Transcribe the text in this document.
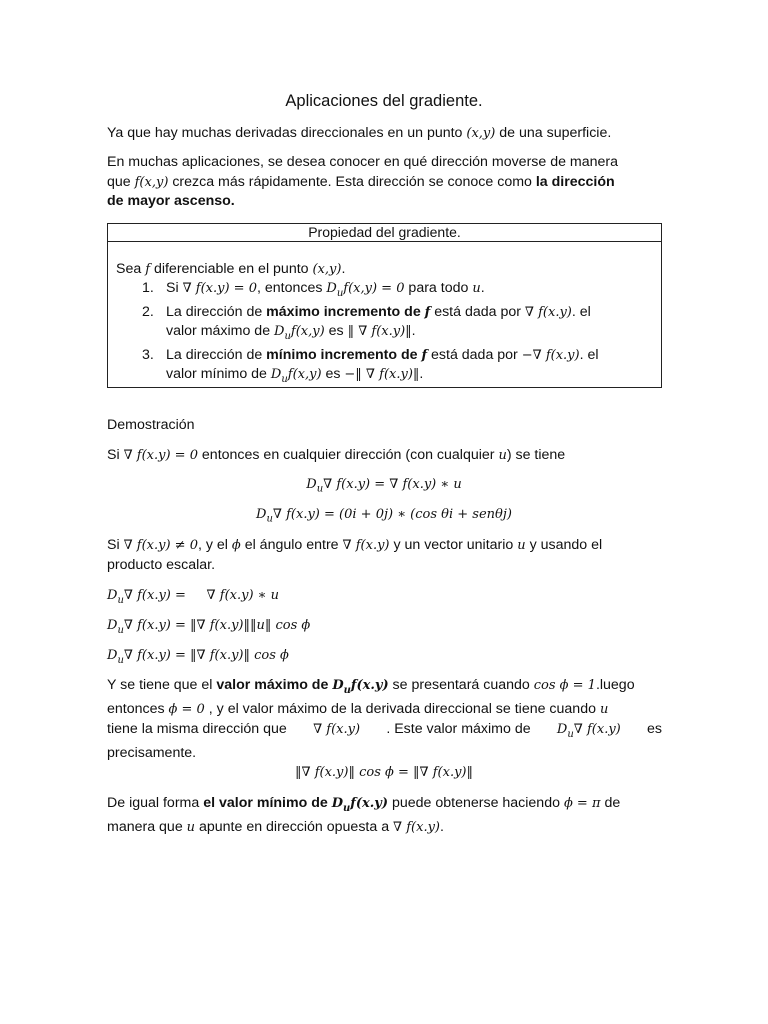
Aplicaciones del gradiente.
Ya que hay muchas derivadas direccionales en un punto (x,y) de una superficie.
En muchas aplicaciones, se desea conocer en qué dirección moverse de manera
que f(x,y) crezca más rápidamente. Esta dirección se conoce como la dirección
de mayor ascenso.
Propiedad del gradiente.
Sea f diferenciable en el punto (x,y).
1. Si ∇ f(x.y) = 0, entonces $D_uf(x,y) = 0$ para todo u.
2. La dirección de máximo incremento de f está dada por ∇ f(x.y). el
valor máximo de $D_uf(x,y)$ es ‖ ∇ f(x.y)‖.
3. La dirección de mínimo incremento de f está dada por −∇ f(x.y). el
valor mínimo de $D_uf(x,y)$ es −‖ ∇ f(x.y)‖.
Demostración
Si ∇ f(x.y) = 0 entonces en cualquier dirección (con cualquier u) se tiene
$D_u\nabla$ f(x.y) = ∇ f(x.y) ∗ u
$D_u\nabla$ f(x.y) = (0i + 0j) ∗ (cos θi + senθj)
Si ∇ f(x.y) ≠ 0, y el ϕ el ángulo entre ∇ f(x.y) y un vector unitario u y usando el
producto escalar.
$D_u\nabla$ f(x.y) =     ∇ f(x.y) ∗ u
$D_u\nabla$ f(x.y) = ‖∇ f(x.y)‖‖u‖ cos ϕ
$D_u\nabla$ f(x.y) = ‖∇ f(x.y)‖ cos ϕ
Y se tiene que el valor máximo de $D_uf(x.y)$ se presentará cuando cos ϕ = 1.luego
entonces ϕ = 0 , y el valor máximo de la derivada direccional se tiene cuando u
tiene la misma dirección que ∇ f(x.y) . Este valor máximo de $D_u\nabla$ f(x.y) es
precisamente.
‖∇ f(x.y)‖ cos ϕ = ‖∇ f(x.y)‖
De igual forma el valor mínimo de $D_uf(x.y)$ puede obtenerse haciendo ϕ = π de
manera que u apunte en dirección opuesta a ∇ f(x.y).
